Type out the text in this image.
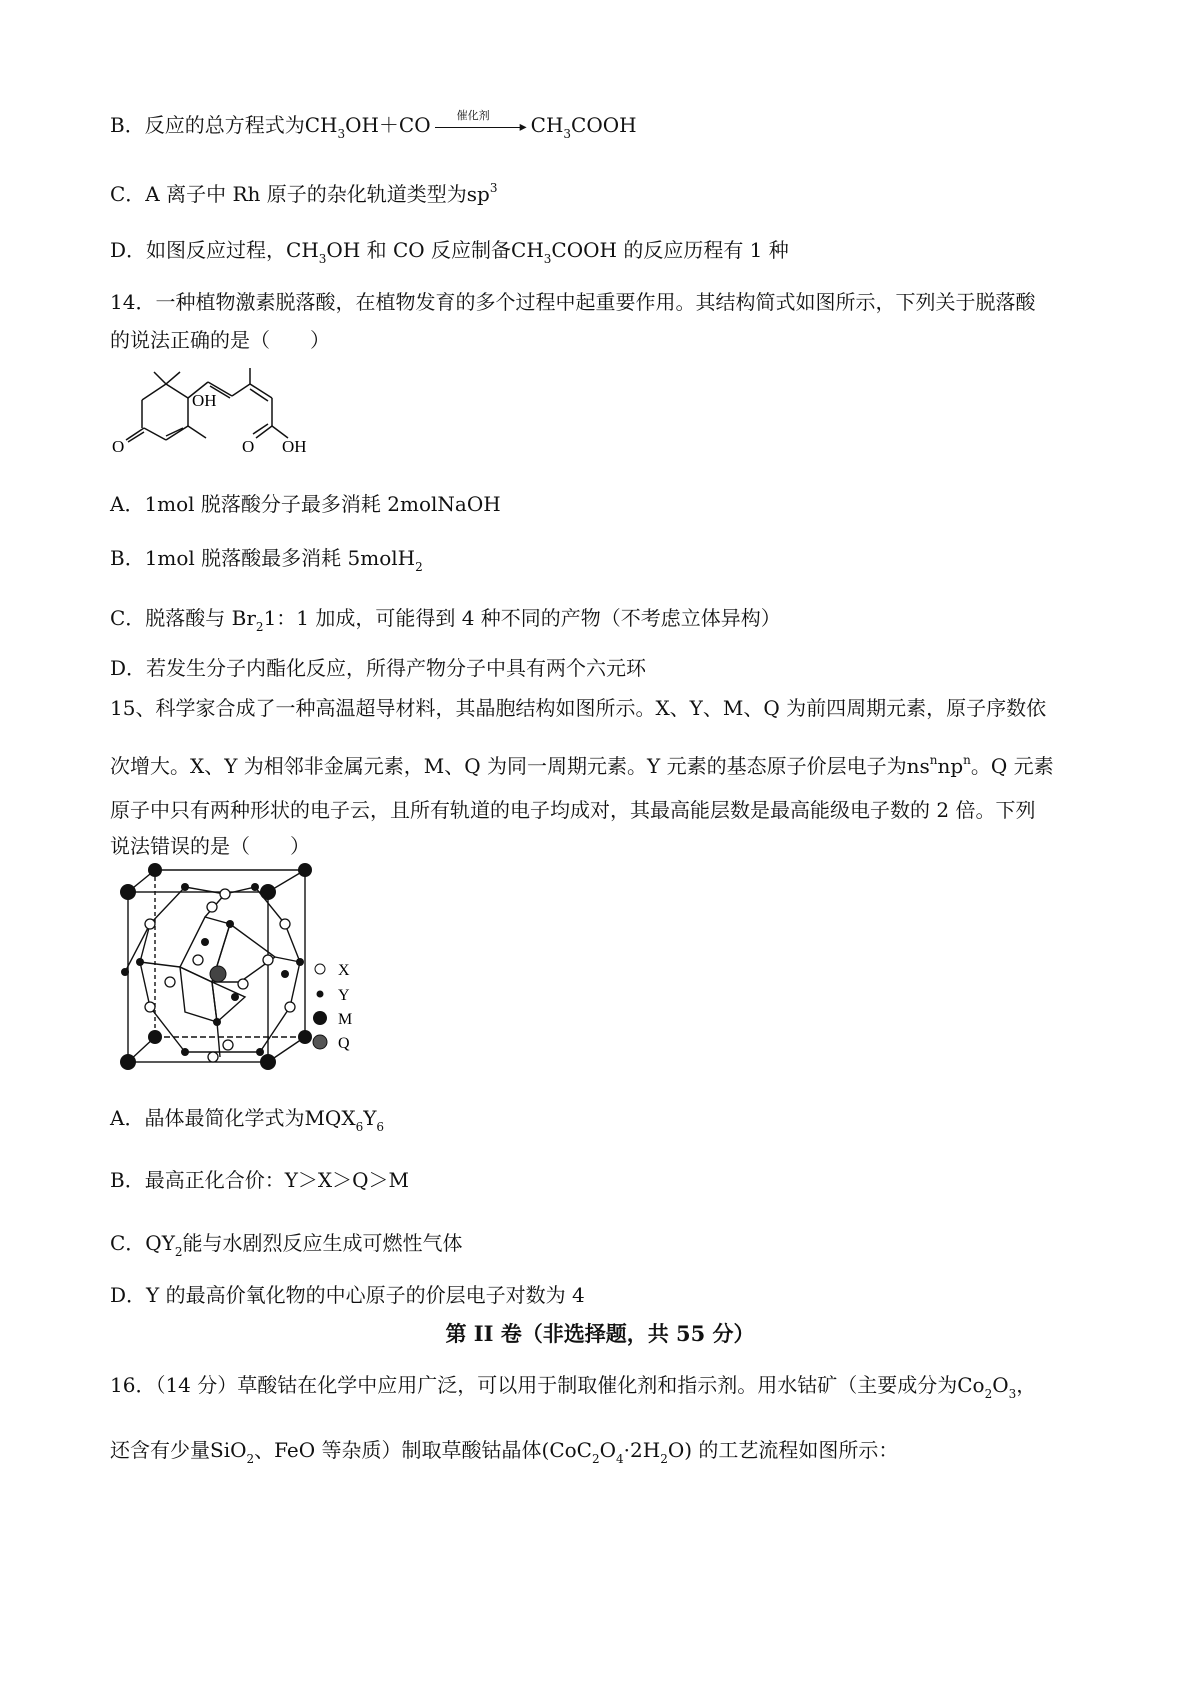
B．反应的总方程式为$CH_3OH+CO$ 催化剂
▸ $CH_3COOH$
C．A 离子中 Rh 原子的杂化轨道类型为$sp^3$
D．如图反应过程，$CH_3OH$ 和 CO 反应制备$CH_3COOH$ 的反应历程有 1 种
14．一种植物激素脱落酸，在植物发育的多个过程中起重要作用。其结构简式如图所示，下列关于脱落酸
的说法正确的是（　　）
OH
O	O OH
A．1mol 脱落酸分子最多消耗 2molNaOH
B．1mol 脱落酸最多消耗 5molH$_2$
C．脱落酸与 $Br_21$：1 加成，可能得到 4 种不同的产物（不考虑立体异构）
D．若发生分子内酯化反应，所得产物分子中具有两个六元环
15、科学家合成了一种高温超导材料，其晶胞结构如图所示。X、Y、M、Q 为前四周期元素，原子序数依
次增大。X、Y 为相邻非金属元素，M、Q 为同一周期元素。Y 元素的基态原子价层电子为$ns^nnp^n$。Q 元素
原子中只有两种形状的电子云，且所有轨道的电子均成对，其最高能层数是最高能级电子数的 2 倍。下列
说法错误的是（　　）
X
Y
M
Q
A．晶体最简化学式为$MQX_6Y_6$
B．最高正化合价：Y＞X＞Q＞M
C．$QY_2$能与水剧烈反应生成可燃性气体
D．Y 的最高价氧化物的中心原子的价层电子对数为 4
第 II 卷（非选择题，共 55 分）
16．（14 分）草酸钴在化学中应用广泛，可以用于制取催化剂和指示剂。用水钴矿（主要成分为$Co_2O_3$，
还含有少量SiO$_2$、FeO 等杂质）制取草酸钴晶体$(CoC_2O_4\cdot 2H_2O)$ 的工艺流程如图所示：
